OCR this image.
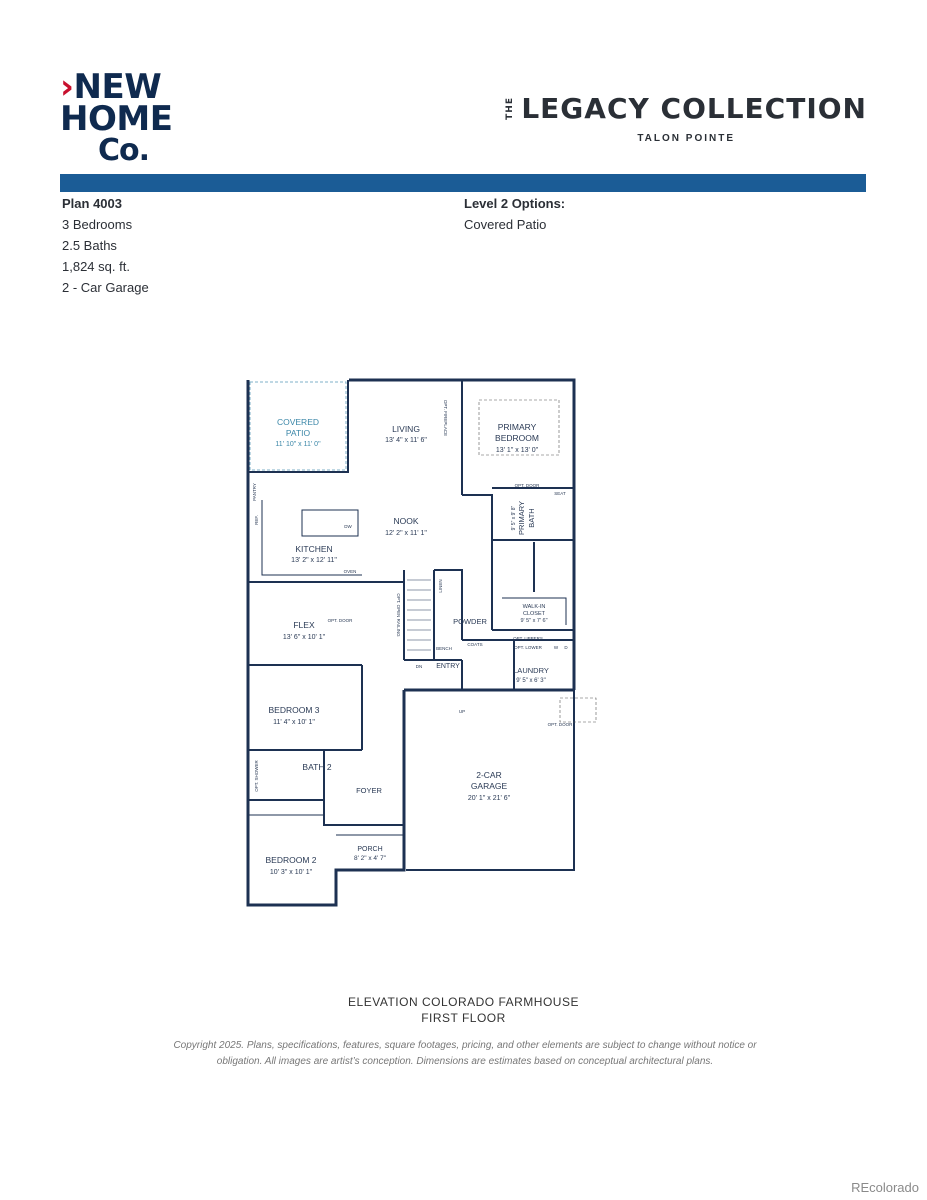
›NEW
HOME
Co.
THE LEGACY COLLECTION
TALON POINTE
Plan 4003
3 Bedrooms
2.5 Baths
1,824 sq. ft.
2 - Car Garage
Level 2 Options:
Covered Patio
COVERED
PATIO
11' 10" x 11' 0"
LIVING
13' 4" x 11' 6"
PRIMARY
BEDROOM
13' 1" x 13' 0"
NOOK
12' 2" x 11' 1"
KITCHEN
13' 2" x 12' 11"
FLEX
13' 6" x 10' 1"
BEDROOM 3
11' 4" x 10' 1"
BATH 2
FOYER
BEDROOM 2
10' 3" x 10' 1"
PORCH
8' 2" x 4' 7"
2-CAR
GARAGE
20' 1" x 21' 6"
LAUNDRY
9' 5" x 6' 3"
POWDER
ENTRY
WALK-IN
CLOSET
9' 5" x 7' 6"
PRIMARY BATH
9' 5" x 9' 8"
PANTRY
REF.
DW
OVEN
LINEN
BENCH
COATS
OPT. DOOR
OPT. DOOR
OPT. DOOR
OPT. FIREPLACE
OPT. OPEN RAILING
DN
UP
SEAT
OPT. UPPERS
OPT. LOWER	W D
OPT. SHOWER
ELEVATION COLORADO FARMHOUSE
FIRST FLOOR
Copyright 2025. Plans, specifications, features, square footages, pricing, and other elements are subject to change without notice or
obligation. All images are artist’s conception. Dimensions are estimates based on conceptual architectural plans.
REcolorado
